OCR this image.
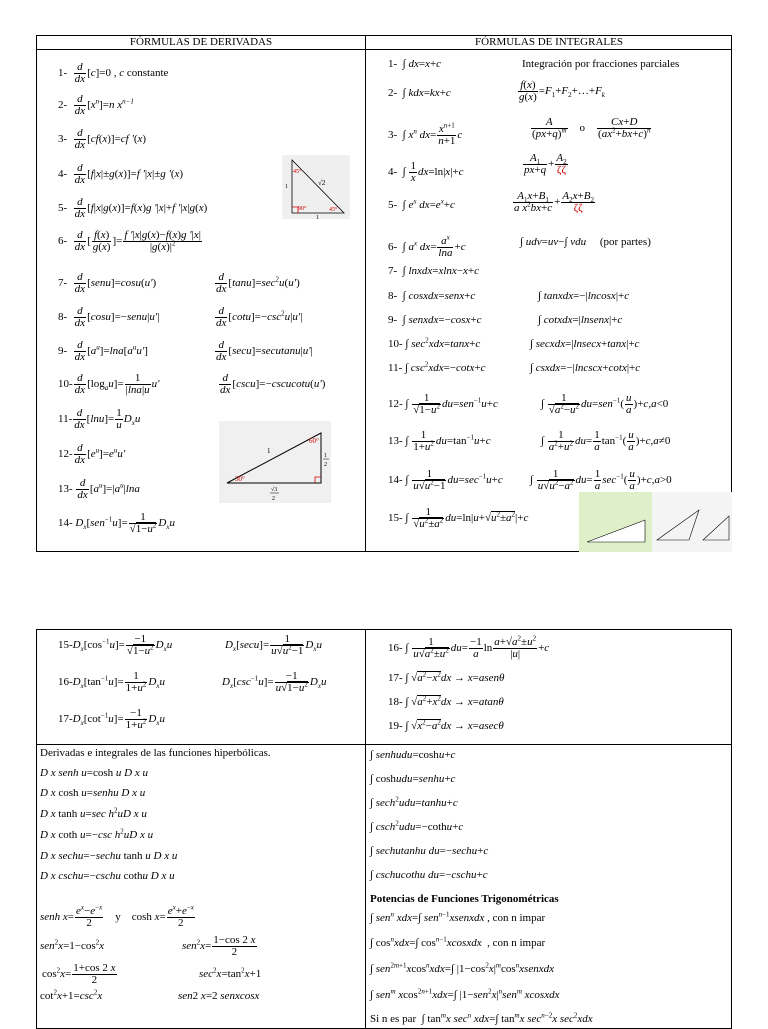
FÓRMULAS DE DERIVADAS	FÓRMULAS DE INTEGRALES
$1- \frac{d}{dx} [c]=0$ , c constante
$2- \frac{d}{dx} [x^n]=n$ $x^{n-1}$
$3- \frac{d}{dx} [cf(x)]=cf$ '(x)
$4- \frac{d}{dx} [f|x|\pm g(x)]=f$ '|x|±g '(x)
$5- \frac{d}{dx} [f|x|g(x)]=f(x)g$ '|x|+f '|x|g(x)
$6- \frac{d}{dx}$ [ $\frac{f(x)}{g(x)}$ ]= $\frac{f '|x|g(x)-f(x)g '|x|}{|g(x)|^2}$
$7- \frac{d}{dx}$ [senu]=cosu(u')	$\frac{d}{dx} [\tan u]=\sec^2u(u')$
$8- \frac{d}{dx}$ [cosu]=−senu|u'|	$\frac{d}{dx} [\cot u]=-\csc^2u|u'|$
$9- \frac{d}{dx} [a^u]=\ln a[a^uu']$	$\frac{d}{dx}$ [secu]=secutanu|u'|
$10- \frac{d}{dx} [\log_au]= \frac{1}{|\ln a|u} u'$	$\frac{d}{dx}$ [cscu]=−cscucotu(u')
$11- \frac{d}{dx} [\ln u]= \frac{1}{u} D_xu$
$12- \frac{d}{dx} [e^u]=e^uu'$
$13- \frac{d}{dx} [a^u]=|a^u|\ln a$
14- $D_x[sen^{-1}u]= \frac{1}{√1-u^2} D_xu$
45°
√2
1
90°	45°
1
60°
1
1
2
30°
√3
2
1-  ∫ dx=x+c	Integración por fracciones parciales
2-  ∫ kdx=kx+c	$\frac{f(x)}{g(x)}$ $=F_1+F_2+\dots+F_k$
3-  ∫ $x^n$ $dx= \frac{x^{n+1}}{n+1}$ c	$\frac{A}{(px+q)^m}$ o $\frac{Cx+D}{(ax^2+bx+c)^n}$
4-  ∫ $\frac{1}{x} dx=\ln|x|+c$	$\frac{A_1}{px+q} + \frac{A_2}{\zeta\zeta}$
5-  ∫ $e^x$ $dx=e^x+c$	$\frac{A_1x+B_1}{a x^2bx+c} + \frac{A_2x+B_2}{\zeta\zeta}$
6-  ∫ $a^x$ $dx= \frac{a^x}{\ln a} +c$	∫ udv=uv−∫ vdu (por partes)
7-  ∫ lnxdx=xlnx−x+c
8-  ∫ cosxdx=senx+c	∫ tanxdx=−|lncosx|+c
9-  ∫ senxdx=−cosx+c	∫ cotxdx=|lnsenx|+c
10- ∫ $\sec^2xdx=\tan x+c$	∫ secxdx=|lnsecx+tanx|+c
11- ∫ $\csc^2xdx=-\cot x+c$	∫ csxdx=−|lncscx+cotx|+c
12- ∫ $\frac{1}{√1-u^2} du=sen^{-1}u+c$	∫ $\frac{1}{√a^2-u^2} du=sen^{-1}( \frac{u}{a} )+c,a<0$
13- ∫ $\frac{1}{1+u^2} du=\tan^{-1}u+c$	∫ $\frac{1}{a^2+u^2} du= \frac{1}{a} \tan^{-1}( \frac{u}{a} )+c,a\ne 0$
14- ∫ $\frac{1}{u√u^2-1} du=\sec^{-1}u+c$ ∫ $\frac{1}{u√u^2-a^2} du= \frac{1}{a} \sec^{-1}( \frac{u}{a} )+c,a>0$
15- ∫ $\frac{1}{√u^2\pm a^2} du=\ln|u+√u^2\pm a^2|+c$
$15-D_x[\cos^{-1}u]= \frac{-1}{√1-u^2} D_xu$	$D_x[\sec u]= \frac{1}{u√u^2-1} D_xu$
$16-D_x[\tan^{-1}u]= \frac{1}{1+u^2} D_xu$	$D_x[\csc^{-1}u]= \frac{-1}{u√1-u^2} D_xu$
$17-D_x[\cot^{-1}u]= \frac{-1}{1+u^2} D_xu$
16- ∫ $\frac{1}{u√a^2\pm u^2} du= \frac{-1}{a}$ $\ln \frac{a+√a^2\pm u^2}{|u|} +c$
17- ∫ $√a^2-x^2dx$ → x=asenθ
18- ∫ $√a^2+x^2dx \to x=atan\theta$
19- ∫ $√x^2-a^2dx \to x=asec\theta$
Derivadas e integrales de las funciones hiperbólicas.
D x senh u=cosh u D x u
D x cosh u=senhu D x u
D x tanh u=sec $h^2uD$ x u
D x coth u=−csc $h^2uD$ x u
D x sechu=−sechu tanh u D x u
D x cschu=−cschu cothu D x u
senh $x= \frac{e^x-e^{-x}}{2}$ y    $\cosh x= \frac{e^x+e^{-x}}{2}$
$sen^2x=1-\cos^2x$	$sen^2x= \frac{1-\cos 2 x}{2}$
$\cos^2x= \frac{1+\cos 2 x}{2}$	$\sec^2x=\tan^2x+1$
$\cot^2x+1=\csc^2x$	sen2 x=2 senxcosx
∫ senhudu=coshu+c
∫ coshudu=senhu+c
∫ sech$^2$udu=tanhu+c
∫ csch$^2$udu=−cothu+c
∫ sechutanhu du=−sechu+c
∫ cschucothu du=−cschu+c
Potencias de Funciones Trigonométricas
∫ sen$^n$ xdx=∫ sen$^{n-1}$xsenxdx , con n impar
∫ $\cos^nxdx=\int$ $\cos^{n-1}xcosxdx$ , con n impar
∫ sen$^{2m+1}$xcos$^n$xdx=∫ $|1-\cos^2x|^m\cos^nxsenxdx$
∫ sen$^m$ xcos$^{2n+1}$xdx=∫ $|1-sen^2x|^nsen^m$ xcosxdx
Si n es par  ∫ $\tan^mx$ $\sec^n xdx=\int$ $\tan^mx$ $\sec^{n-2}x$ $\sec^2xdx$
